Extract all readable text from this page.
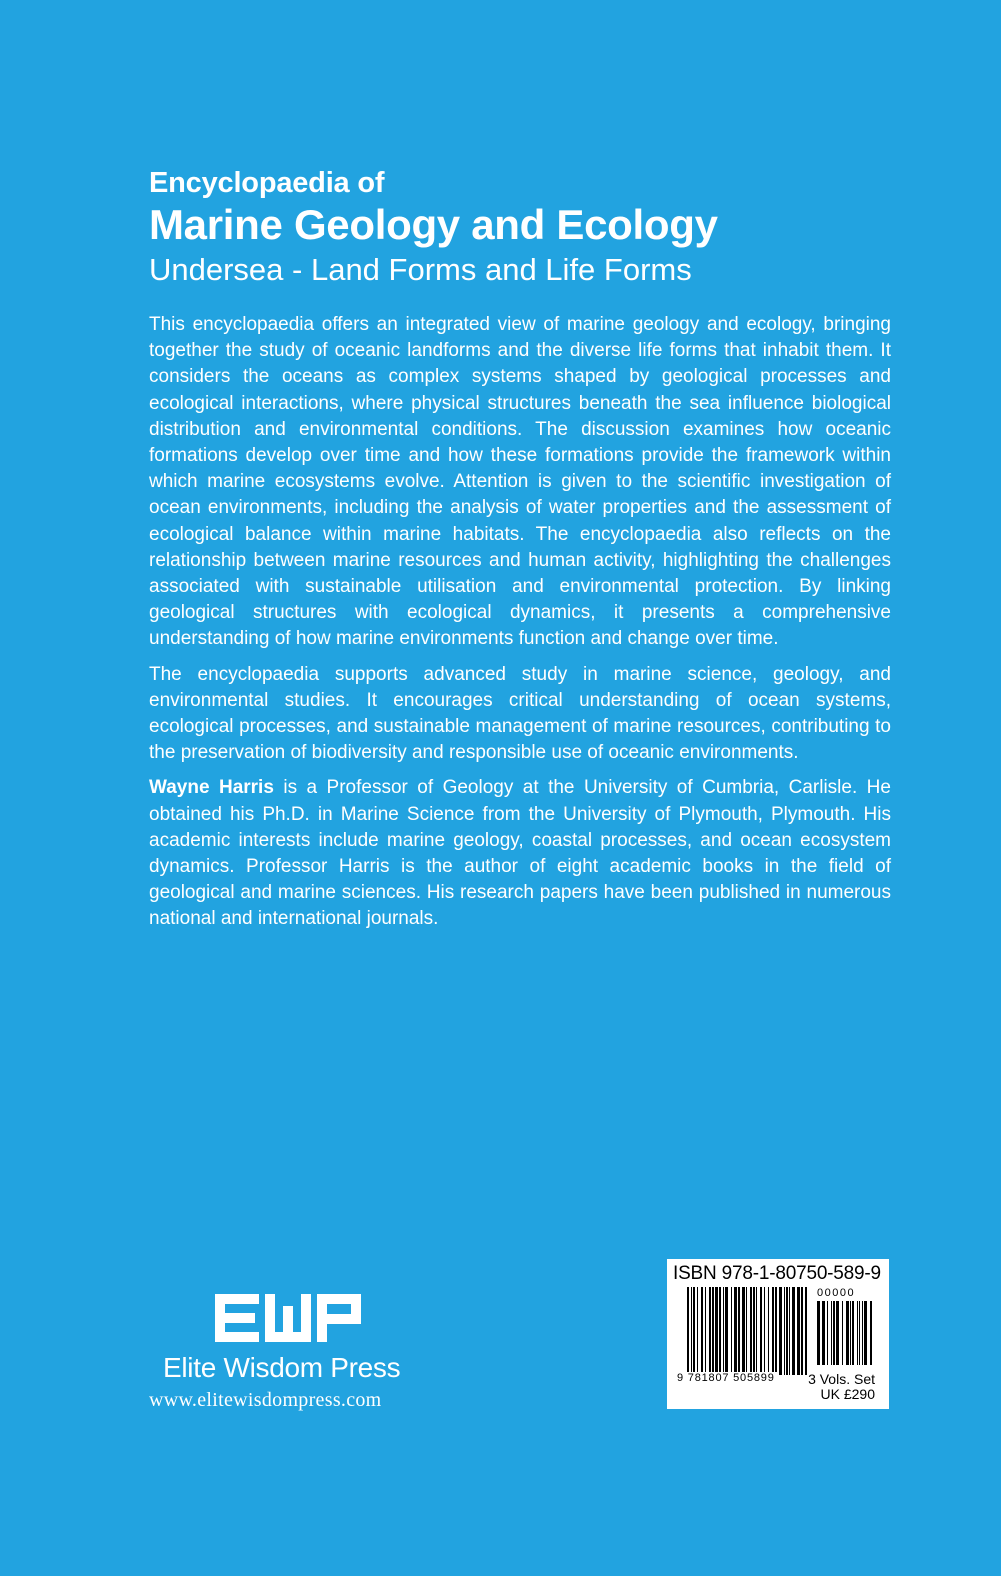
Encyclopaedia of
Marine Geology and Ecology
Undersea - Land Forms and Life Forms

This encyclopaedia offers an integrated view of marine geology and ecology, bringing together the study of oceanic landforms and the diverse life forms that inhabit them. It considers the oceans as complex systems shaped by geological processes and ecological interactions, where physical structures beneath the sea influence biological distribution and environmental conditions. The discussion examines how oceanic formations develop over time and how these formations provide the framework within which marine ecosystems evolve. Attention is given to the scientific investigation of ocean environments, including the analysis of water properties and the assessment of ecological balance within marine habitats. The encyclopaedia also reflects on the relationship between marine resources and human activity, highlighting the challenges associated with sustainable utilisation and environmental protection. By linking geological structures with ecological dynamics, it presents a comprehensive understanding of how marine environments function and change over time.

The encyclopaedia supports advanced study in marine science, geology, and environmental studies. It encourages critical understanding of ocean systems, ecological processes, and sustainable management of marine resources, contributing to the preservation of biodiversity and responsible use of oceanic environments.

Wayne Harris is a Professor of Geology at the University of Cumbria, Carlisle. He obtained his Ph.D. in Marine Science from the University of Plymouth, Plymouth. His academic interests include marine geology, coastal processes, and ocean ecosystem dynamics. Professor Harris is the author of eight academic books in the field of geological and marine sciences. His research papers have been published in numerous national and international journals.

Elite Wisdom Press
www.elitewisdompress.com
ISBN 978-1-80750-589-9
00000
9 781807 505899 3 Vols. Set
UK £290
